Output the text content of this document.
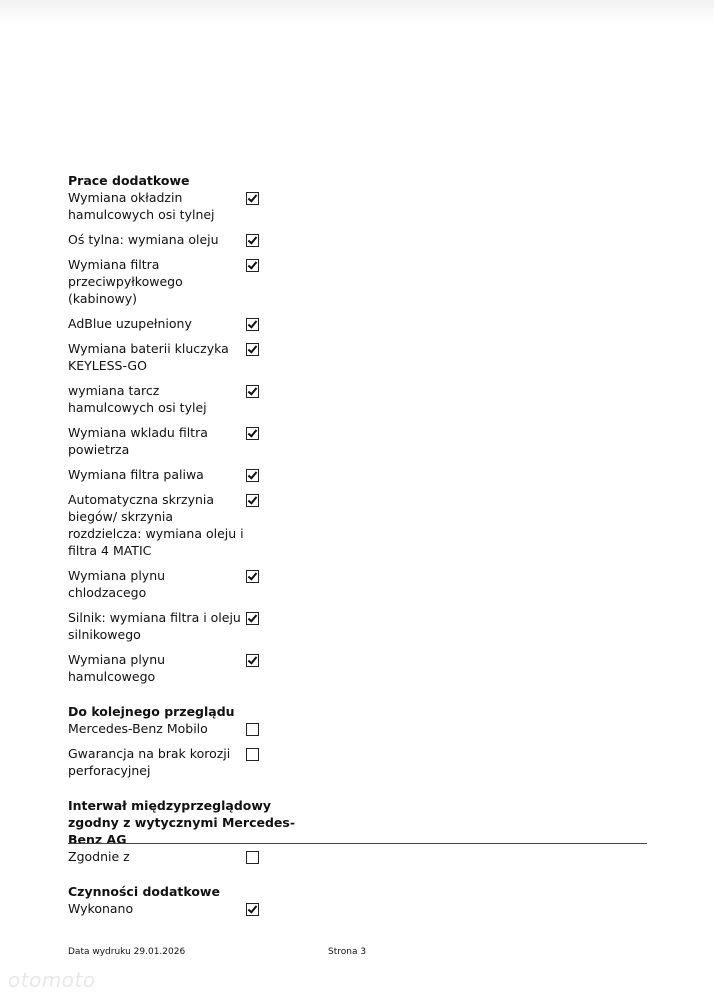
Prace dodatkowe
Wymiana okładzin hamulcowych osi tylnej
Oś tylna: wymiana oleju
Wymiana filtra przeciwpyłkowego (kabinowy)
AdBlue uzupełniony
Wymiana baterii kluczyka KEYLESS-GO
wymiana tarcz hamulcowych osi tylej
Wymiana wkladu filtra powietrza
Wymiana filtra paliwa
Automatyczna skrzynia biegów/ skrzynia rozdzielcza: wymiana oleju i filtra 4 MATIC
Wymiana plynu chlodzacego
Silnik: wymiana filtra i oleju silnikowego
Wymiana plynu hamulcowego
Do kolejnego przeglądu
Mercedes-Benz Mobilo
Gwarancja na brak korozji perforacyjnej
Interwał międzyprzeglądowy zgodny z wytycznymi Mercedes-Benz AG
Zgodnie z
Czynności dodatkowe
Wykonano
Data wydruku 29.01.2026	Strona 3
otomoto
